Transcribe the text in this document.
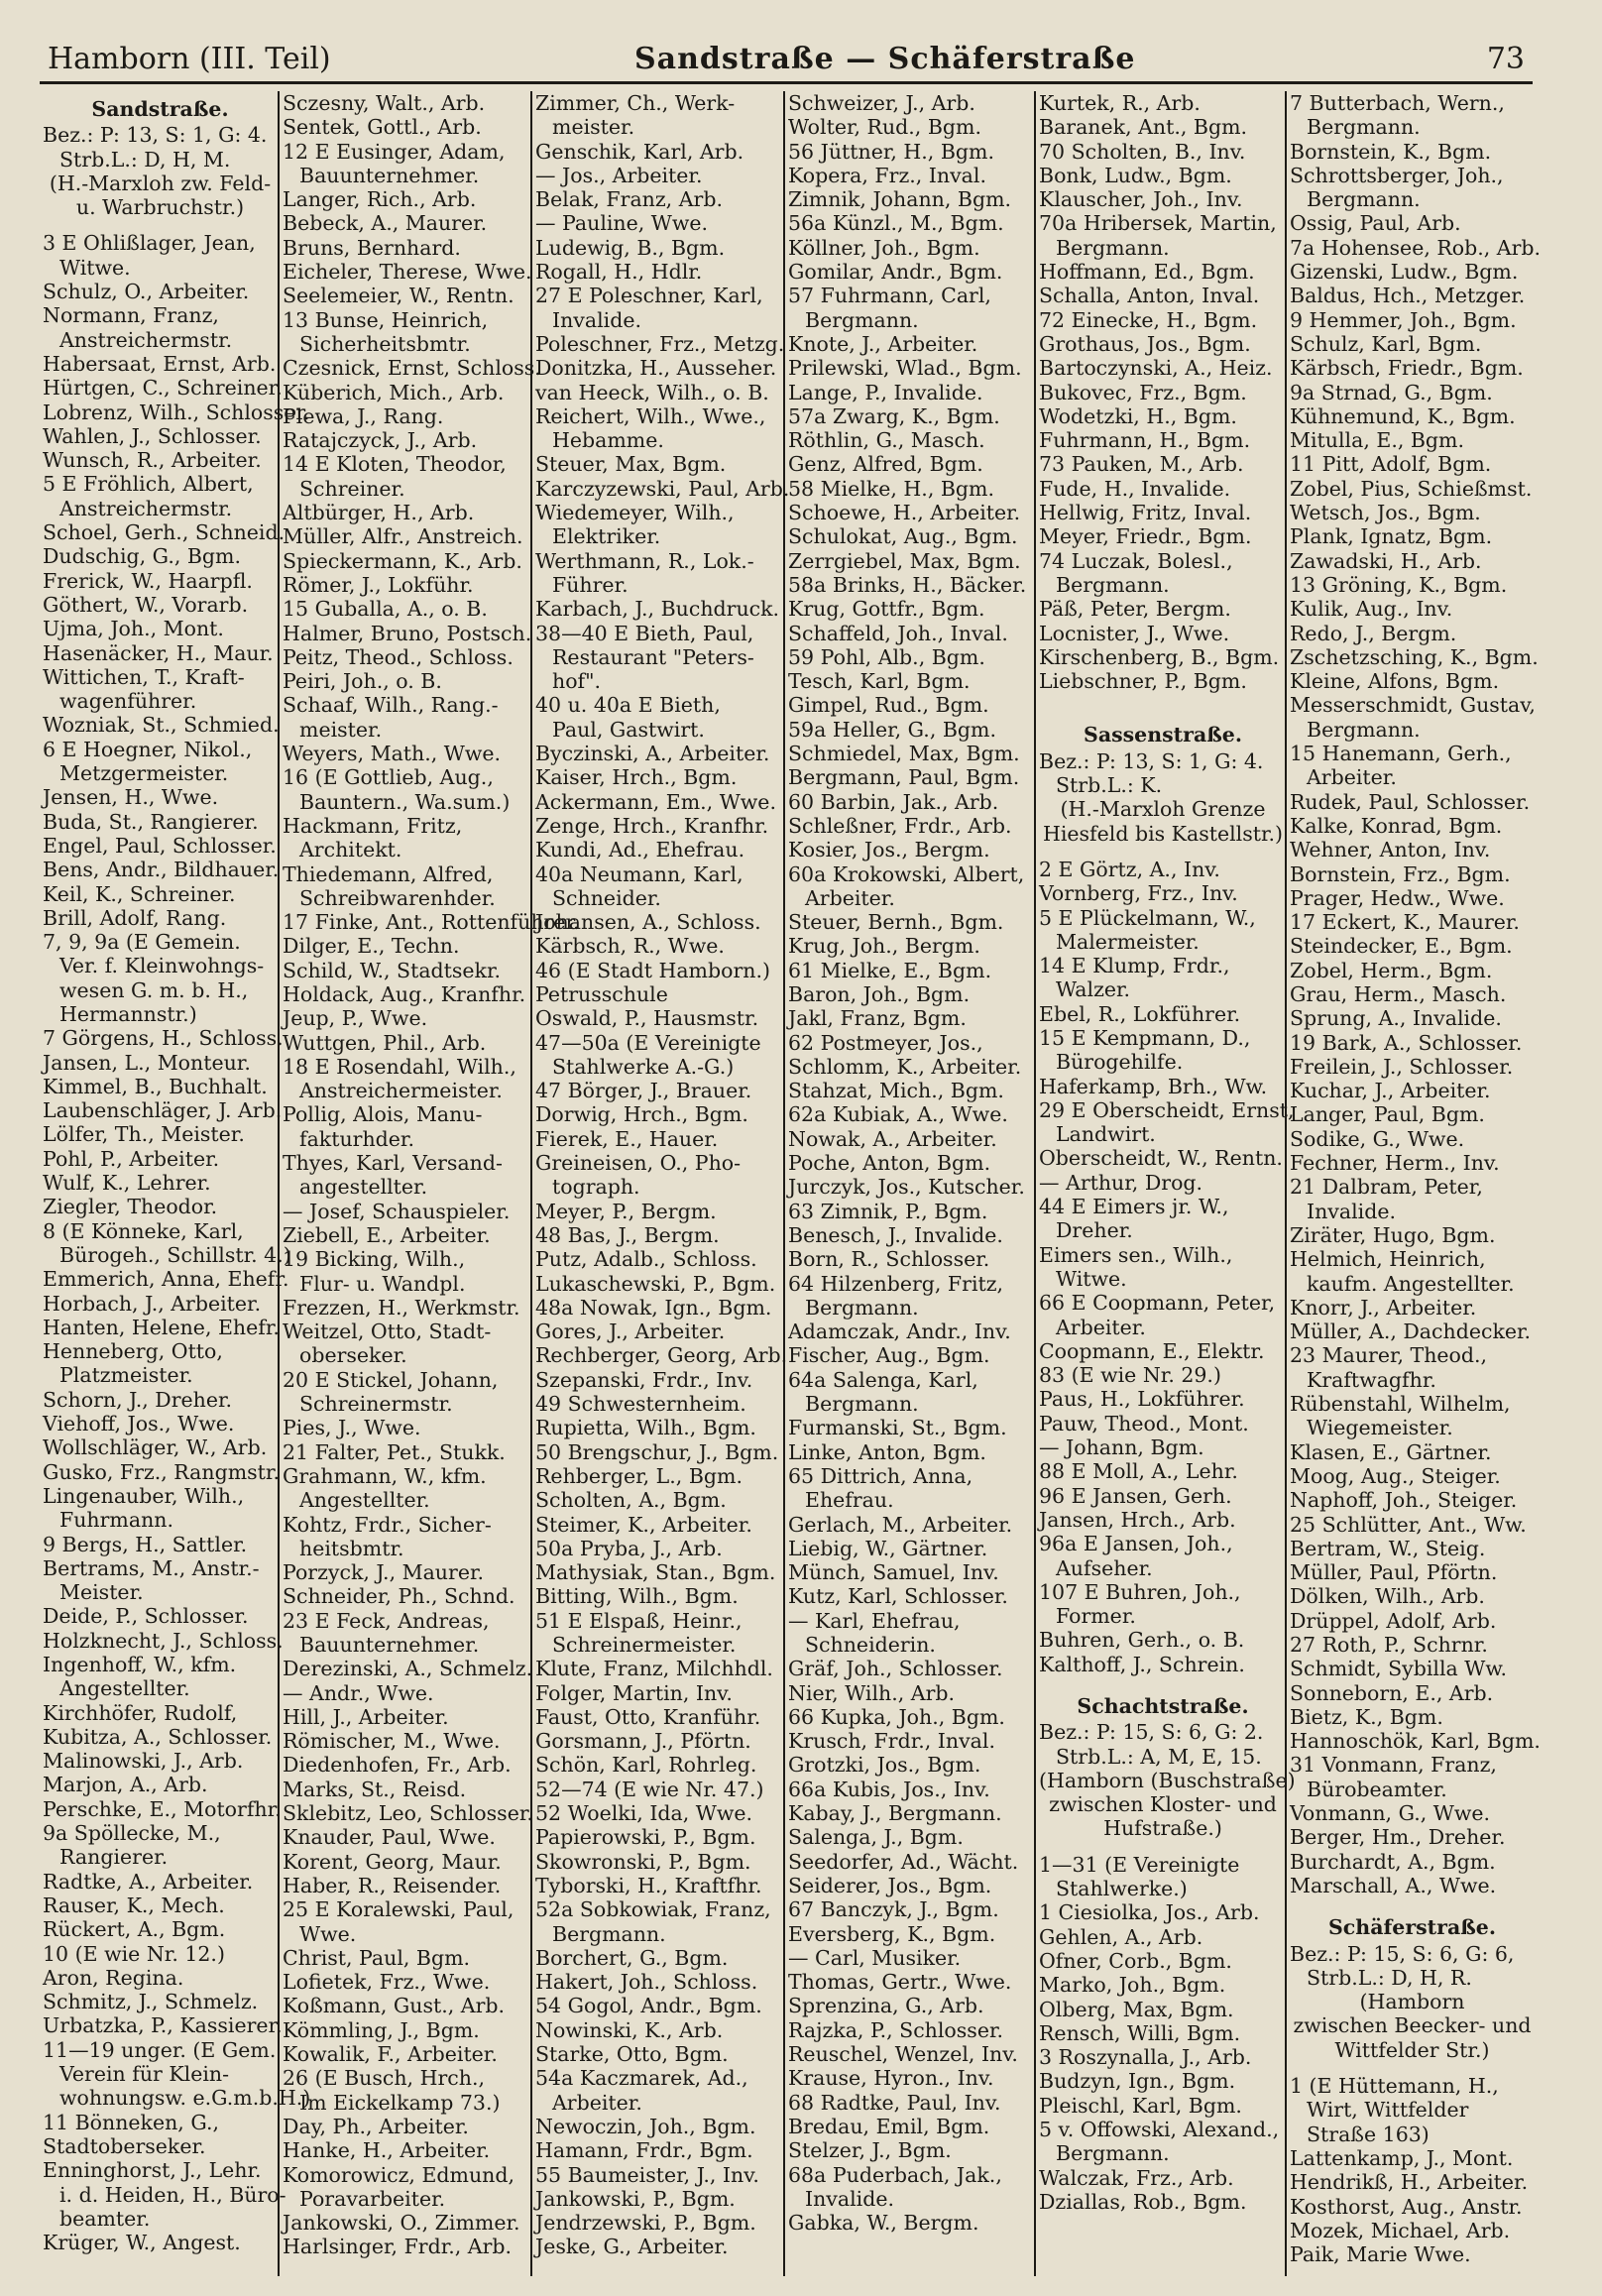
Hamborn (III. Teil)	Sandstraße — Schäferstraße	73
Sandstraße.
Bez.: P: 13, S: 1, G: 4.
Strb.L.: D, H, M.
(H.-Marxloh zw. Feld-
u. Warbruchstr.)
3 E Ohlißlager, Jean,
Witwe.
Schulz, O., Arbeiter.
Normann, Franz,
Anstreichermstr.
Habersaat, Ernst, Arb.
Hürtgen, C., Schreiner.
Lobrenz, Wilh., Schlosser.
Wahlen, J., Schlosser.
Wunsch, R., Arbeiter.
5 E Fröhlich, Albert,
Anstreichermstr.
Schoel, Gerh., Schneid.
Dudschig, G., Bgm.
Frerick, W., Haarpfl.
Göthert, W., Vorarb.
Ujma, Joh., Mont.
Hasenäcker, H., Maur.
Wittichen, T., Kraft-
wagenführer.
Wozniak, St., Schmied.
6 E Hoegner, Nikol.,
Metzgermeister.
Jensen, H., Wwe.
Buda, St., Rangierer.
Engel, Paul, Schlosser.
Bens, Andr., Bildhauer.
Keil, K., Schreiner.
Brill, Adolf, Rang.
7, 9, 9a (E Gemein.
Ver. f. Kleinwohngs-
wesen G. m. b. H.,
Hermannstr.)
7 Görgens, H., Schloss.
Jansen, L., Monteur.
Kimmel, B., Buchhalt.
Laubenschläger, J. Arb.
Lölfer, Th., Meister.
Pohl, P., Arbeiter.
Wulf, K., Lehrer.
Ziegler, Theodor.
8 (E Könneke, Karl,
Bürogeh., Schillstr. 4.)
Emmerich, Anna, Ehefr.
Horbach, J., Arbeiter.
Hanten, Helene, Ehefr.
Henneberg, Otto,
Platzmeister.
Schorn, J., Dreher.
Viehoff, Jos., Wwe.
Wollschläger, W., Arb.
Gusko, Frz., Rangmstr.
Lingenauber, Wilh.,
Fuhrmann.
9 Bergs, H., Sattler.
Bertrams, M., Anstr.-
Meister.
Deide, P., Schlosser.
Holzknecht, J., Schloss.
Ingenhoff, W., kfm.
Angestellter.
Kirchhöfer, Rudolf,
Kubitza, A., Schlosser.
Malinowski, J., Arb.
Marjon, A., Arb.
Perschke, E., Motorfhr.
9a Spöllecke, M.,
Rangierer.
Radtke, A., Arbeiter.
Rauser, K., Mech.
Rückert, A., Bgm.
10 (E wie Nr. 12.)
Aron, Regina.
Schmitz, J., Schmelz.
Urbatzka, P., Kassierer.
11—19 unger. (E Gem.
Verein für Klein-
wohnungsw. e.G.m.b.H.)
11 Bönneken, G.,
Stadtoberseker.
Enninghorst, J., Lehr.
i. d. Heiden, H., Büro-
beamter.
Krüger, W., Angest.
Sczesny, Walt., Arb.
Sentek, Gottl., Arb.
12 E Eusinger, Adam,
Bauunternehmer.
Langer, Rich., Arb.
Bebeck, A., Maurer.
Bruns, Bernhard.
Eicheler, Therese, Wwe.
Seelemeier, W., Rentn.
13 Bunse, Heinrich,
Sicherheitsbmtr.
Czesnick, Ernst, Schloss.
Küberich, Mich., Arb.
Plewa, J., Rang.
Ratajczyck, J., Arb.
14 E Kloten, Theodor,
Schreiner.
Altbürger, H., Arb.
Müller, Alfr., Anstreich.
Spieckermann, K., Arb.
Römer, J., Lokführ.
15 Guballa, A., o. B.
Halmer, Bruno, Postsch.
Peitz, Theod., Schloss.
Peiri, Joh., o. B.
Schaaf, Wilh., Rang.-
meister.
Weyers, Math., Wwe.
16 (E Gottlieb, Aug.,
Bauntern., Wa.sum.)
Hackmann, Fritz,
Architekt.
Thiedemann, Alfred,
Schreibwarenhder.
17 Finke, Ant., Rottenführer.
Dilger, E., Techn.
Schild, W., Stadtsekr.
Holdack, Aug., Kranfhr.
Jeup, P., Wwe.
Wuttgen, Phil., Arb.
18 E Rosendahl, Wilh.,
Anstreichermeister.
Pollig, Alois, Manu-
fakturhder.
Thyes, Karl, Versand-
angestellter.
— Josef, Schauspieler.
Ziebell, E., Arbeiter.
19 Bicking, Wilh.,
Flur- u. Wandpl.
Frezzen, H., Werkmstr.
Weitzel, Otto, Stadt-
oberseker.
20 E Stickel, Johann,
Schreinermstr.
Pies, J., Wwe.
21 Falter, Pet., Stukk.
Grahmann, W., kfm.
Angestellter.
Kohtz, Frdr., Sicher-
heitsbmtr.
Porzyck, J., Maurer.
Schneider, Ph., Schnd.
23 E Feck, Andreas,
Bauunternehmer.
Derezinski, A., Schmelz.
— Andr., Wwe.
Hill, J., Arbeiter.
Römischer, M., Wwe.
Diedenhofen, Fr., Arb.
Marks, St., Reisd.
Sklebitz, Leo, Schlosser.
Knauder, Paul, Wwe.
Korent, Georg, Maur.
Haber, R., Reisender.
25 E Koralewski, Paul,
Wwe.
Christ, Paul, Bgm.
Lofietek, Frz., Wwe.
Koßmann, Gust., Arb.
Kömmling, J., Bgm.
Kowalik, F., Arbeiter.
26 (E Busch, Hrch.,
Im Eickelkamp 73.)
Day, Ph., Arbeiter.
Hanke, H., Arbeiter.
Komorowicz, Edmund,
Poravarbeiter.
Jankowski, O., Zimmer.
Harlsinger, Frdr., Arb.
Zimmer, Ch., Werk-
meister.
Genschik, Karl, Arb.
— Jos., Arbeiter.
Belak, Franz, Arb.
— Pauline, Wwe.
Ludewig, B., Bgm.
Rogall, H., Hdlr.
27 E Poleschner, Karl,
Invalide.
Poleschner, Frz., Metzg.
Donitzka, H., Ausseher.
van Heeck, Wilh., o. B.
Reichert, Wilh., Wwe.,
Hebamme.
Steuer, Max, Bgm.
Karczyzewski, Paul, Arb.
Wiedemeyer, Wilh.,
Elektriker.
Werthmann, R., Lok.-
Führer.
Karbach, J., Buchdruck.
38—40 E Bieth, Paul,
Restaurant "Peters-
hof".
40 u. 40a E Bieth,
Paul, Gastwirt.
Byczinski, A., Arbeiter.
Kaiser, Hrch., Bgm.
Ackermann, Em., Wwe.
Zenge, Hrch., Kranfhr.
Kundi, Ad., Ehefrau.
40a Neumann, Karl,
Schneider.
Johansen, A., Schloss.
Kärbsch, R., Wwe.
46 (E Stadt Hamborn.)
Petrusschule
Oswald, P., Hausmstr.
47—50a (E Vereinigte
Stahlwerke A.-G.)
47 Börger, J., Brauer.
Dorwig, Hrch., Bgm.
Fierek, E., Hauer.
Greineisen, O., Pho-
tograph.
Meyer, P., Bergm.
48 Bas, J., Bergm.
Putz, Adalb., Schloss.
Lukaschewski, P., Bgm.
48a Nowak, Ign., Bgm.
Gores, J., Arbeiter.
Rechberger, Georg, Arb.
Szepanski, Frdr., Inv.
49 Schwesternheim.
Rupietta, Wilh., Bgm.
50 Brengschur, J., Bgm.
Rehberger, L., Bgm.
Scholten, A., Bgm.
Steimer, K., Arbeiter.
50a Pryba, J., Arb.
Mathysiak, Stan., Bgm.
Bitting, Wilh., Bgm.
51 E Elspaß, Heinr.,
Schreinermeister.
Klute, Franz, Milchhdl.
Folger, Martin, Inv.
Faust, Otto, Kranführ.
Gorsmann, J., Pförtn.
Schön, Karl, Rohrleg.
52—74 (E wie Nr. 47.)
52 Woelki, Ida, Wwe.
Papierowski, P., Bgm.
Skowronski, P., Bgm.
Tyborski, H., Kraftfhr.
52a Sobkowiak, Franz,
Bergmann.
Borchert, G., Bgm.
Hakert, Joh., Schloss.
54 Gogol, Andr., Bgm.
Nowinski, K., Arb.
Starke, Otto, Bgm.
54a Kaczmarek, Ad.,
Arbeiter.
Newoczin, Joh., Bgm.
Hamann, Frdr., Bgm.
55 Baumeister, J., Inv.
Jankowski, P., Bgm.
Jendrzewski, P., Bgm.
Jeske, G., Arbeiter.
Schweizer, J., Arb.
Wolter, Rud., Bgm.
56 Jüttner, H., Bgm.
Kopera, Frz., Inval.
Zimnik, Johann, Bgm.
56a Künzl., M., Bgm.
Köllner, Joh., Bgm.
Gomilar, Andr., Bgm.
57 Fuhrmann, Carl,
Bergmann.
Knote, J., Arbeiter.
Prilewski, Wlad., Bgm.
Lange, P., Invalide.
57a Zwarg, K., Bgm.
Röthlin, G., Masch.
Genz, Alfred, Bgm.
58 Mielke, H., Bgm.
Schoewe, H., Arbeiter.
Schulokat, Aug., Bgm.
Zerrgiebel, Max, Bgm.
58a Brinks, H., Bäcker.
Krug, Gottfr., Bgm.
Schaffeld, Joh., Inval.
59 Pohl, Alb., Bgm.
Tesch, Karl, Bgm.
Gimpel, Rud., Bgm.
59a Heller, G., Bgm.
Schmiedel, Max, Bgm.
Bergmann, Paul, Bgm.
60 Barbin, Jak., Arb.
Schleßner, Frdr., Arb.
Kosier, Jos., Bergm.
60a Krokowski, Albert,
Arbeiter.
Steuer, Bernh., Bgm.
Krug, Joh., Bergm.
61 Mielke, E., Bgm.
Baron, Joh., Bgm.
Jakl, Franz, Bgm.
62 Postmeyer, Jos.,
Schlomm, K., Arbeiter.
Stahzat, Mich., Bgm.
62a Kubiak, A., Wwe.
Nowak, A., Arbeiter.
Poche, Anton, Bgm.
Jurczyk, Jos., Kutscher.
63 Zimnik, P., Bgm.
Benesch, J., Invalide.
Born, R., Schlosser.
64 Hilzenberg, Fritz,
Bergmann.
Adamczak, Andr., Inv.
Fischer, Aug., Bgm.
64a Salenga, Karl,
Bergmann.
Furmanski, St., Bgm.
Linke, Anton, Bgm.
65 Dittrich, Anna,
Ehefrau.
Gerlach, M., Arbeiter.
Liebig, W., Gärtner.
Münch, Samuel, Inv.
Kutz, Karl, Schlosser.
— Karl, Ehefrau,
Schneiderin.
Gräf, Joh., Schlosser.
Nier, Wilh., Arb.
66 Kupka, Joh., Bgm.
Krusch, Frdr., Inval.
Grotzki, Jos., Bgm.
66a Kubis, Jos., Inv.
Kabay, J., Bergmann.
Salenga, J., Bgm.
Seedorfer, Ad., Wächt.
Seiderer, Jos., Bgm.
67 Banczyk, J., Bgm.
Eversberg, K., Bgm.
— Carl, Musiker.
Thomas, Gertr., Wwe.
Sprenzina, G., Arb.
Rajzka, P., Schlosser.
Reuschel, Wenzel, Inv.
Krause, Hyron., Inv.
68 Radtke, Paul, Inv.
Bredau, Emil, Bgm.
Stelzer, J., Bgm.
68a Puderbach, Jak.,
Invalide.
Gabka, W., Bergm.
Kurtek, R., Arb.
Baranek, Ant., Bgm.
70 Scholten, B., Inv.
Bonk, Ludw., Bgm.
Klauscher, Joh., Inv.
70a Hribersek, Martin,
Bergmann.
Hoffmann, Ed., Bgm.
Schalla, Anton, Inval.
72 Einecke, H., Bgm.
Grothaus, Jos., Bgm.
Bartoczynski, A., Heiz.
Bukovec, Frz., Bgm.
Wodetzki, H., Bgm.
Fuhrmann, H., Bgm.
73 Pauken, M., Arb.
Fude, H., Invalide.
Hellwig, Fritz, Inval.
Meyer, Friedr., Bgm.
74 Luczak, Bolesl.,
Bergmann.
Päß, Peter, Bergm.
Locnister, J., Wwe.
Kirschenberg, B., Bgm.
Liebschner, P., Bgm.
Sassenstraße.
Bez.: P: 13, S: 1, G: 4.
Strb.L.: K.
(H.-Marxloh Grenze
Hiesfeld bis Kastellstr.)
2 E Görtz, A., Inv.
Vornberg, Frz., Inv.
5 E Plückelmann, W.,
Malermeister.
14 E Klump, Frdr.,
Walzer.
Ebel, R., Lokführer.
15 E Kempmann, D.,
Bürogehilfe.
Haferkamp, Brh., Ww.
29 E Oberscheidt, Ernst,
Landwirt.
Oberscheidt, W., Rentn.
— Arthur, Drog.
44 E Eimers jr. W.,
Dreher.
Eimers sen., Wilh.,
Witwe.
66 E Coopmann, Peter,
Arbeiter.
Coopmann, E., Elektr.
83 (E wie Nr. 29.)
Paus, H., Lokführer.
Pauw, Theod., Mont.
— Johann, Bgm.
88 E Moll, A., Lehr.
96 E Jansen, Gerh.
Jansen, Hrch., Arb.
96a E Jansen, Joh.,
Aufseher.
107 E Buhren, Joh.,
Former.
Buhren, Gerh., o. B.
Kalthoff, J., Schrein.
Schachtstraße.
Bez.: P: 15, S: 6, G: 2.
Strb.L.: A, M, E, 15.
(Hamborn (Buschstraße)
zwischen Kloster- und
Hufstraße.)
1—31 (E Vereinigte
Stahlwerke.)
1 Ciesiolka, Jos., Arb.
Gehlen, A., Arb.
Ofner, Corb., Bgm.
Marko, Joh., Bgm.
Olberg, Max, Bgm.
Rensch, Willi, Bgm.
3 Roszynalla, J., Arb.
Budzyn, Ign., Bgm.
Pleischl, Karl, Bgm.
5 v. Offowski, Alexand.,
Bergmann.
Walczak, Frz., Arb.
Dziallas, Rob., Bgm.
7 Butterbach, Wern.,
Bergmann.
Bornstein, K., Bgm.
Schrottsberger, Joh.,
Bergmann.
Ossig, Paul, Arb.
7a Hohensee, Rob., Arb.
Gizenski, Ludw., Bgm.
Baldus, Hch., Metzger.
9 Hemmer, Joh., Bgm.
Schulz, Karl, Bgm.
Kärbsch, Friedr., Bgm.
9a Strnad, G., Bgm.
Kühnemund, K., Bgm.
Mitulla, E., Bgm.
11 Pitt, Adolf, Bgm.
Zobel, Pius, Schießmst.
Wetsch, Jos., Bgm.
Plank, Ignatz, Bgm.
Zawadski, H., Arb.
13 Gröning, K., Bgm.
Kulik, Aug., Inv.
Redo, J., Bergm.
Zschetzsching, K., Bgm.
Kleine, Alfons, Bgm.
Messerschmidt, Gustav,
Bergmann.
15 Hanemann, Gerh.,
Arbeiter.
Rudek, Paul, Schlosser.
Kalke, Konrad, Bgm.
Wehner, Anton, Inv.
Bornstein, Frz., Bgm.
Prager, Hedw., Wwe.
17 Eckert, K., Maurer.
Steindecker, E., Bgm.
Zobel, Herm., Bgm.
Grau, Herm., Masch.
Sprung, A., Invalide.
19 Bark, A., Schlosser.
Freilein, J., Schlosser.
Kuchar, J., Arbeiter.
Langer, Paul, Bgm.
Sodike, G., Wwe.
Fechner, Herm., Inv.
21 Dalbram, Peter,
Invalide.
Ziräter, Hugo, Bgm.
Helmich, Heinrich,
kaufm. Angestellter.
Knorr, J., Arbeiter.
Müller, A., Dachdecker.
23 Maurer, Theod.,
Kraftwagfhr.
Rübenstahl, Wilhelm,
Wiegemeister.
Klasen, E., Gärtner.
Moog, Aug., Steiger.
Naphoff, Joh., Steiger.
25 Schlütter, Ant., Ww.
Bertram, W., Steig.
Müller, Paul, Pförtn.
Dölken, Wilh., Arb.
Drüppel, Adolf, Arb.
27 Roth, P., Schrnr.
Schmidt, Sybilla Ww.
Sonneborn, E., Arb.
Bietz, K., Bgm.
Hannoschök, Karl, Bgm.
31 Vonmann, Franz,
Bürobeamter.
Vonmann, G., Wwe.
Berger, Hm., Dreher.
Burchardt, A., Bgm.
Marschall, A., Wwe.
Schäferstraße.
Bez.: P: 15, S: 6, G: 6,
Strb.L.: D, H, R.
(Hamborn
zwischen Beecker- und
Wittfelder Str.)
1 (E Hüttemann, H.,
Wirt, Wittfelder
Straße 163)
Lattenkamp, J., Mont.
Hendrikß, H., Arbeiter.
Kosthorst, Aug., Anstr.
Mozek, Michael, Arb.
Paik, Marie Wwe.
